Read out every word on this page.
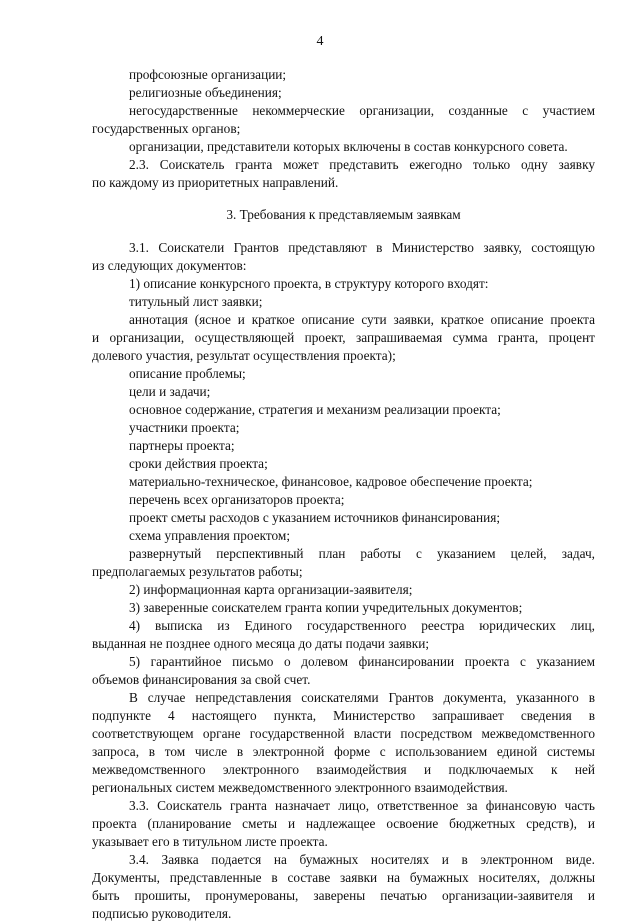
4
профсоюзные организации;
религиозные объединения;
негосударственные некоммерческие организации, созданные с участием
государственных органов;
организации, представители которых включены в состав конкурсного совета.
2.3. Соискатель гранта может представить ежегодно только одну заявку
по каждому из приоритетных направлений.
3. Требования к представляемым заявкам
3.1. Соискатели Грантов представляют в Министерство заявку, состоящую
из следующих документов:
1) описание конкурсного проекта, в структуру которого входят:
титульный лист заявки;
аннотация (ясное и краткое описание сути заявки, краткое описание проекта
и организации, осуществляющей проект, запрашиваемая сумма гранта, процент
долевого участия, результат осуществления проекта);
описание проблемы;
цели и задачи;
основное содержание, стратегия и механизм реализации проекта;
участники проекта;
партнеры проекта;
сроки действия проекта;
материально-техническое, финансовое, кадровое обеспечение проекта;
перечень всех организаторов проекта;
проект сметы расходов с указанием источников финансирования;
схема управления проектом;
развернутый перспективный план работы с указанием целей, задач,
предполагаемых результатов работы;
2) информационная карта организации-заявителя;
3) заверенные соискателем гранта копии учредительных документов;
4) выписка из Единого государственного реестра юридических лиц,
выданная не позднее одного месяца до даты подачи заявки;
5) гарантийное письмо о долевом финансировании проекта с указанием
объемов финансирования за свой счет.
В случае непредставления соискателями Грантов документа, указанного в
подпункте 4 настоящего пункта, Министерство запрашивает сведения в
соответствующем органе государственной власти посредством межведомственного
запроса, в том числе в электронной форме с использованием единой системы
межведомственного электронного взаимодействия и подключаемых к ней
региональных систем межведомственного электронного взаимодействия.
3.3. Соискатель гранта назначает лицо, ответственное за финансовую часть
проекта (планирование сметы и надлежащее освоение бюджетных средств), и
указывает его в титульном листе проекта.
3.4. Заявка подается на бумажных носителях и в электронном виде.
Документы, представленные в составе заявки на бумажных носителях, должны
быть прошиты, пронумерованы, заверены печатью организации-заявителя и
подписью руководителя.
